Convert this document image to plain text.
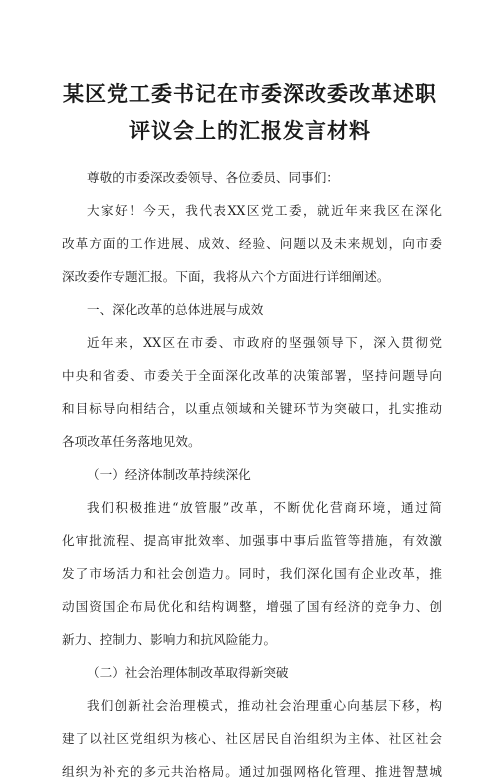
某区党工委书记在市委深改委改革述职
评议会上的汇报发言材料
尊敬的市委深改委领导、各位委员、同事们：
大家好！今天，我代表XX区党工委，就近年来我区在深化
改革方面的工作进展、成效、经验、问题以及未来规划，向市委
深改委作专题汇报。下面，我将从六个方面进行详细阐述。
一、深化改革的总体进展与成效
近年来，XX区在市委、市政府的坚强领导下，深入贯彻党
中央和省委、市委关于全面深化改革的决策部署，坚持问题导向
和目标导向相结合，以重点领域和关键环节为突破口，扎实推动
各项改革任务落地见效。
（一）经济体制改革持续深化
我们积极推进“放管服”改革，不断优化营商环境，通过简
化审批流程、提高审批效率、加强事中事后监管等措施，有效激
发了市场活力和社会创造力。同时，我们深化国有企业改革，推
动国资国企布局优化和结构调整，增强了国有经济的竞争力、创
新力、控制力、影响力和抗风险能力。
（二）社会治理体制改革取得新突破
我们创新社会治理模式，推动社会治理重心向基层下移，构
建了以社区党组织为核心、社区居民自治组织为主体、社区社会
组织为补充的多元共治格局。通过加强网格化管理、推进智慧城
